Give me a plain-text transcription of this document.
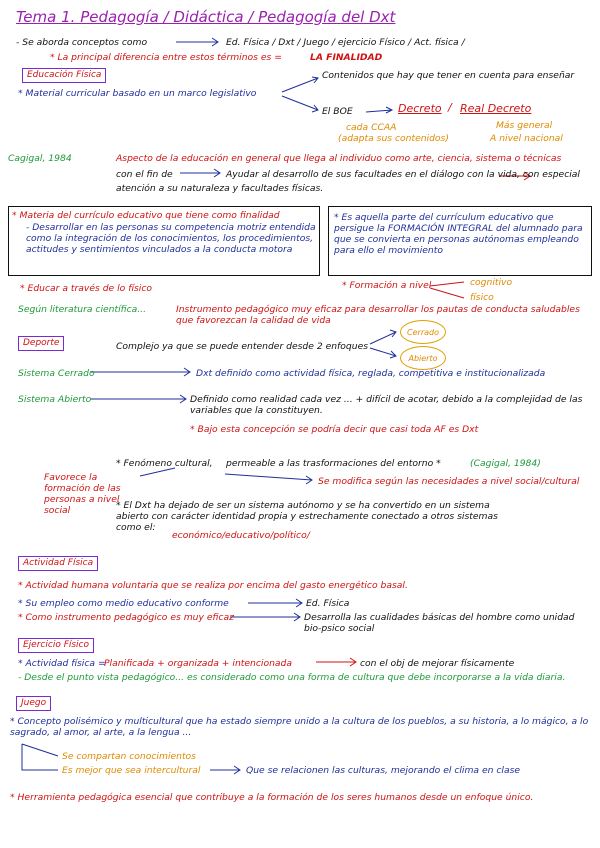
Tema 1. Pedagogía / Didáctica / Pedagogía del Dxt
- Se aborda conceptos como	Ed. Física / Dxt / Juego / ejercicio Físico / Act. física /
* La principal diferencia entre estos términos es =	LA FINALIDAD
Educación Física
* Material curricular basado en un marco legislativo
Contenidos que hay que tener en cuenta para enseñar
El BOE	Decreto / Real Decreto
cada CCAA
(adapta sus contenidos)
Más general
A nivel nacional
Cagigal, 1984	Aspecto de la educación en general que llega al individuo como arte, ciencia, sistema o técnicas
con el fin de	Ayudar al desarrollo de sus facultades en el diálogo con la vida, con especial
atención a su naturaleza y facultades físicas.
* Materia del currículo educativo que tiene como finalidad
- Desarrollar en las personas su competencia motriz entendida como la integración de los conocimientos, los procedimientos, actitudes y sentimientos vinculados a la conducta motora
* Educar a través de lo físico
* Es aquella parte del currículum educativo que persigue la FORMACIÓN INTEGRAL del alumnado para que se convierta en personas autónomas empleando para ello el movimiento
* Formación a nivel	cognitivo
físico
Según literatura científica...	Instrumento pedagógico muy eficaz para desarrollar los pautas de conducta saludables que favorezcan la calidad de vida
Deporte	Complejo ya que se puede entender desde 2 enfoques
Cerrado
Abierto
Sistema Cerrado	Dxt definido como actividad física, reglada, competitiva e institucionalizada
Sistema Abierto	Definido como realidad cada vez ... + difícil de acotar, debido a la complejidad de las variables que la constituyen.
* Bajo esta concepción se podría decir que casi toda AF es Dxt
* Fenómeno cultural, permeable a las trasformaciones del entorno *	(Cagigal, 1984)
Favorece la formación de las personas a nivel social
Se modifica según las necesidades a nivel social/cultural
* El Dxt ha dejado de ser un sistema autónomo y se ha convertido en un sistema abierto con carácter identidad propia y estrechamente conectado a otros sistemas como el:
económico/educativo/político/
Actividad Física
* Actividad humana voluntaria que se realiza por encima del gasto energético basal.
* Su empleo como medio educativo conforme	Ed. Física
* Como instrumento pedagógico es muy eficaz	Desarrolla las cualidades básicas del hombre como unidad bio-psico social
Ejercicio Físico
* Actividad física =
Planificada + organizada + intencionada	con el obj de mejorar físicamente
- Desde el punto vista pedagógico... es considerado como una forma de cultura que debe incorporarse a la vida diaria.
Juego
* Concepto polisémico y multicultural que ha estado siempre unido a la cultura de los pueblos, a su historia, a lo mágico, a lo sagrado, al amor, al arte, a la lengua ...
Se compartan conocimientos
Es mejor que sea intercultural	Que se relacionen las culturas, mejorando el clima en clase
* Herramienta pedagógica esencial que contribuye a la formación de los seres humanos desde un enfoque único.
